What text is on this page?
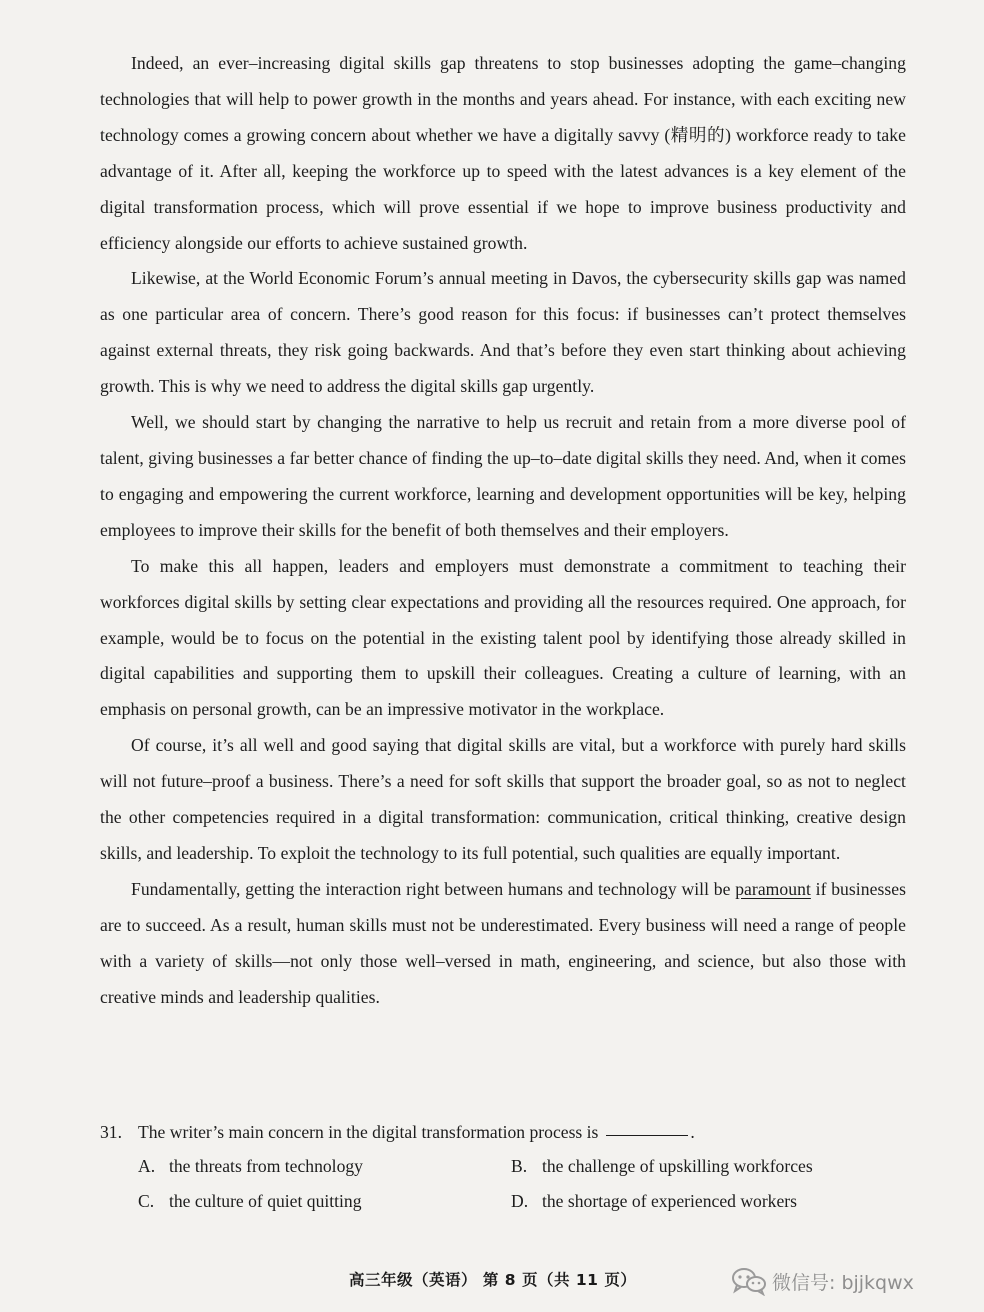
Indeed, an ever–increasing digital skills gap threatens to stop businesses adopting the game–changing technologies that will help to power growth in the months and years ahead. For instance, with each exciting new technology comes a growing concern about whether we have a digitally savvy (精明的) workforce ready to take advantage of it. After all, keeping the workforce up to speed with the latest advances is a key element of the digital transformation process, which will prove essential if we hope to improve business productivity and efficiency alongside our efforts to achieve sustained growth.

Likewise, at the World Economic Forum’s annual meeting in Davos, the cybersecurity skills gap was named as one particular area of concern. There’s good reason for this focus: if businesses can’t protect themselves against external threats, they risk going backwards. And that’s before they even start thinking about achieving growth. This is why we need to address the digital skills gap urgently.

Well, we should start by changing the narrative to help us recruit and retain from a more diverse pool of talent, giving businesses a far better chance of finding the up–to–date digital skills they need. And, when it comes to engaging and empowering the current workforce, learning and development opportunities will be key, helping employees to improve their skills for the benefit of both themselves and their employers.

To make this all happen, leaders and employers must demonstrate a commitment to teaching their workforces digital skills by setting clear expectations and providing all the resources required. One approach, for example, would be to focus on the potential in the existing talent pool by identifying those already skilled in digital capabilities and supporting them to upskill their colleagues. Creating a culture of learning, with an emphasis on personal growth, can be an impressive motivator in the workplace.

Of course, it’s all well and good saying that digital skills are vital, but a workforce with purely hard skills will not future–proof a business. There’s a need for soft skills that support the broader goal, so as not to neglect the other competencies required in a digital transformation: communication, critical thinking, creative design skills, and leadership. To exploit the technology to its full potential, such qualities are equally important.

Fundamentally, getting the interaction right between humans and technology will be paramount if businesses are to succeed. As a result, human skills must not be underestimated. Every business will need a range of people with a variety of skills—not only those well–versed in math, engineering, and science, but also those with creative minds and leadership qualities.

31. The writer’s main concern in the digital transformation process is	.
A. the threats from technology	B. the challenge of upskilling workforces
C. the culture of quiet quitting	D. the shortage of experienced workers
高三年级（英语） 第 8 页（共 11 页）	微信号: bjjkqwx
